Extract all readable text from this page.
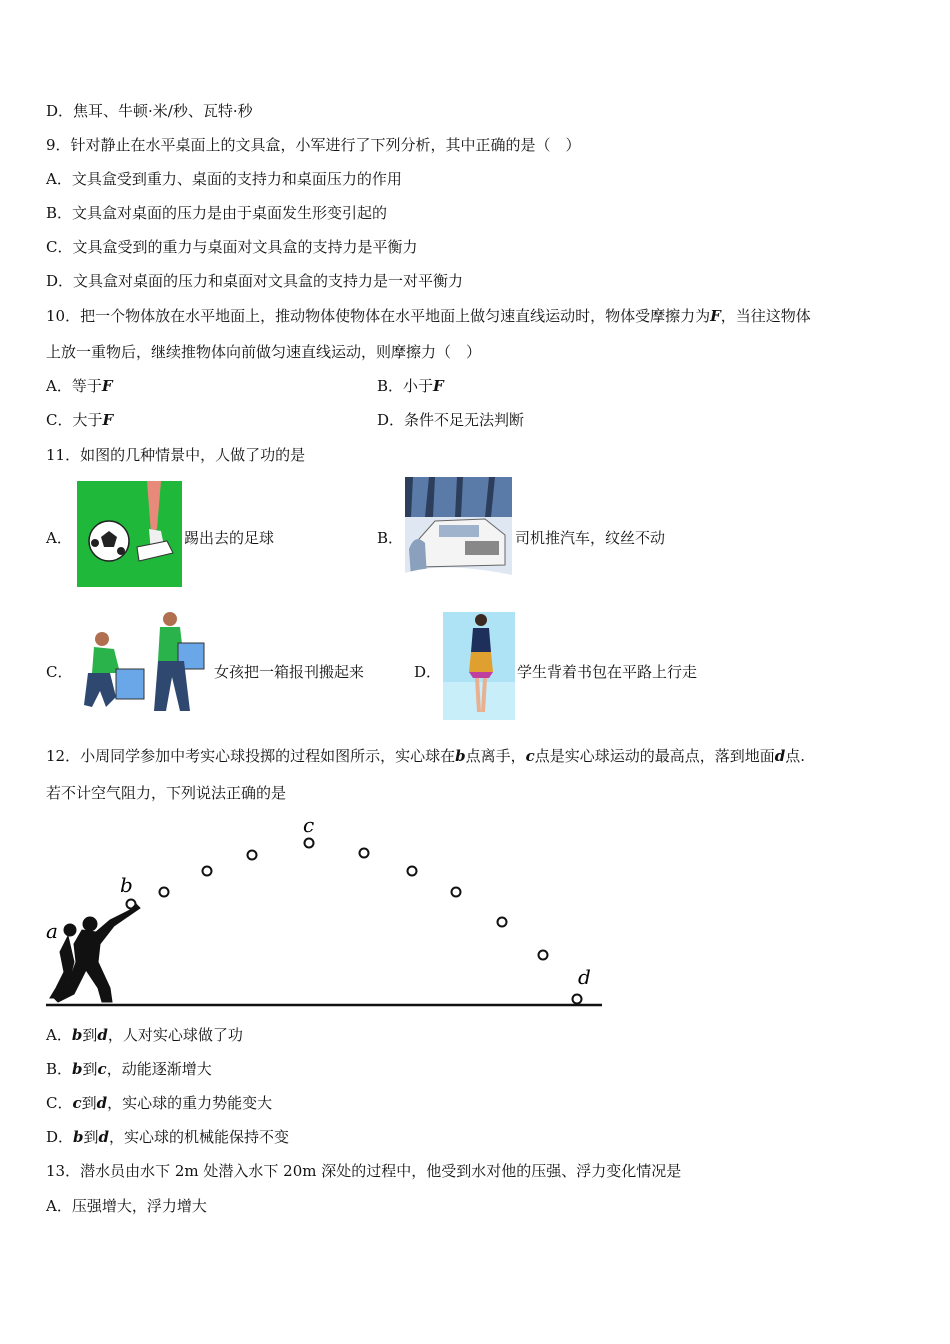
D．焦耳、牛顿·米/秒、瓦特·秒
9．针对静止在水平桌面上的文具盒，小军进行了下列分析，其中正确的是（　）
A．文具盒受到重力、桌面的支持力和桌面压力的作用
B．文具盒对桌面的压力是由于桌面发生形变引起的
C．文具盒受到的重力与桌面对文具盒的支持力是平衡力
D．文具盒对桌面的压力和桌面对文具盒的支持力是一对平衡力
10．把一个物体放在水平地面上，推动物体使物体在水平地面上做匀速直线运动时，物体受摩擦力为F，当往这物体
上放一重物后，继续推物体向前做匀速直线运动，则摩擦力（　）
A．等于F	B．小于F
C．大于F	D．条件不足无法判断
11．如图的几种情景中，人做了功的是
A．	踢出去的足球	B．	司机推汽车，纹丝不动
C．	女孩把一箱报刊搬起来	D．	学生背着书包在平路上行走
12．小周同学参加中考实心球投掷的过程如图所示，实心球在b点离手，c点是实心球运动的最高点，落到地面d点.
若不计空气阻力，下列说法正确的是
a
b
c
d
A．b到d，人对实心球做了功
B．b到c，动能逐渐增大
C．c到d，实心球的重力势能变大
D．b到d，实心球的机械能保持不变
13．潜水员由水下 2m 处潜入水下 20m 深处的过程中，他受到水对他的压强、浮力变化情况是
A．压强增大，浮力增大
